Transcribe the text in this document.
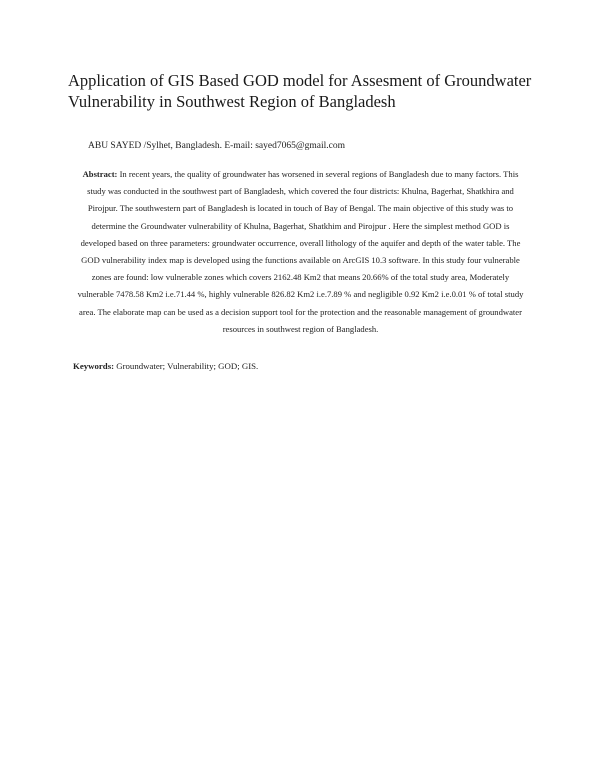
Application of GIS Based GOD model for Assesment of Groundwater Vulnerability in Southwest Region of Bangladesh
ABU SAYED /Sylhet, Bangladesh. E-mail: sayed7065@gmail.com
Abstract: In recent years, the quality of groundwater has worsened in several regions of Bangladesh due to many factors. This study was conducted in the southwest part of Bangladesh, which covered the four districts: Khulna, Bagerhat, Shatkhira and Pirojpur. The southwestern part of Bangladesh is located in touch of Bay of Bengal. The main objective of this study was to determine the Groundwater vulnerability of Khulna, Bagerhat, Shatkhim and Pirojpur . Here the simplest method GOD is developed based on three parameters: groundwater occurrence, overall lithology of the aquifer and depth of the water table. The GOD vulnerability index map is developed using the functions available on ArcGIS 10.3 software. In this study four vulnerable zones are found: low vulnerable zones which covers 2162.48 Km2 that means 20.66% of the total study area, Moderately vulnerable 7478.58 Km2 i.e.71.44 %, highly vulnerable 826.82 Km2 i.e.7.89 % and negligible 0.92 Km2 i.e.0.01 % of total study area. The elaborate map can be used as a decision support tool for the protection and the reasonable management of groundwater resources in southwest region of Bangladesh.
Keywords: Groundwater; Vulnerability; GOD; GIS.
